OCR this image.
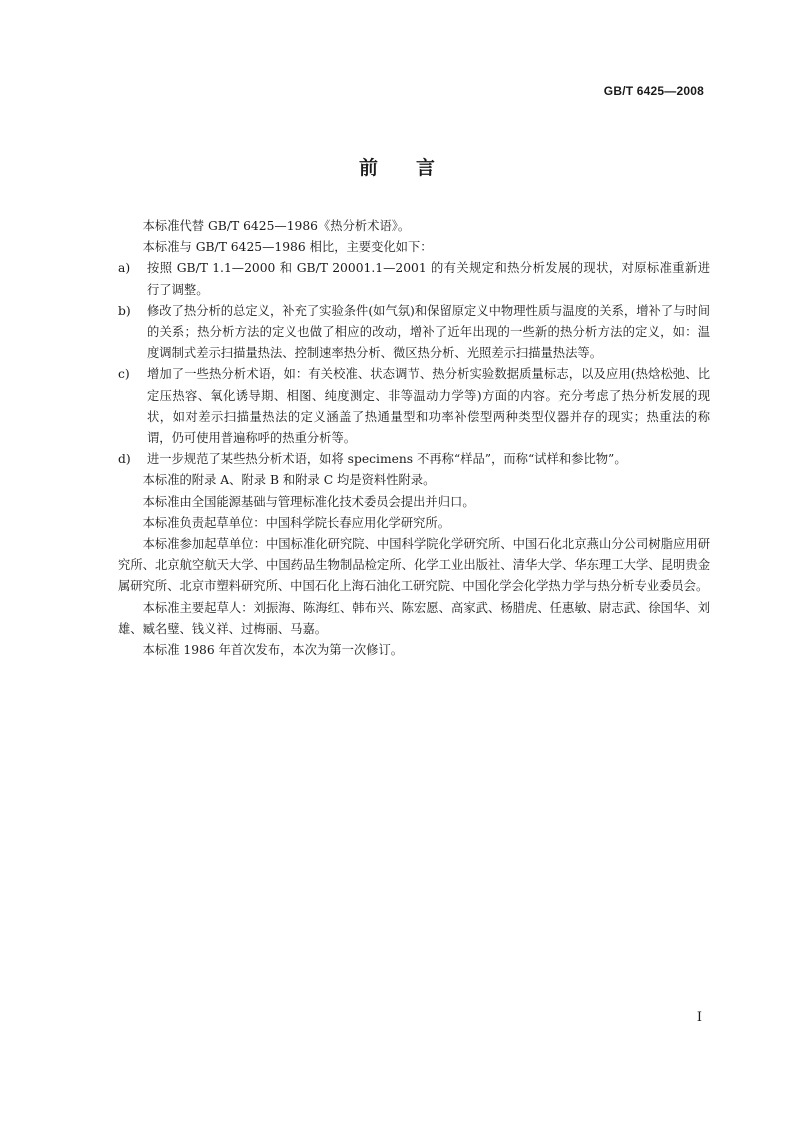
GB/T 6425—2008
前言

本标准代替 GB/T 6425—1986《热分析术语》。

本标准与 GB/T 6425—1986 相比，主要变化如下：

a) 按照 GB/T 1.1—2000 和 GB/T 20001.1—2001 的有关规定和热分析发展的现状，对原标准重新进行了调整。
b) 修改了热分析的总定义，补充了实验条件(如气氛)和保留原定义中物理性质与温度的关系，增补了与时间的关系；热分析方法的定义也做了相应的改动，增补了近年出现的一些新的热分析方法的定义，如：温度调制式差示扫描量热法、控制速率热分析、微区热分析、光照差示扫描量热法等。
c) 增加了一些热分析术语，如：有关校准、状态调节、热分析实验数据质量标志，以及应用(热焓松弛、比定压热容、氧化诱导期、相图、纯度测定、非等温动力学等)方面的内容。充分考虑了热分析发展的现状，如对差示扫描量热法的定义涵盖了热通量型和功率补偿型两种类型仪器并存的现实；热重法的称谓，仍可使用普遍称呼的热重分析等。
d) 进一步规范了某些热分析术语，如将 specimens 不再称“样品”，而称“试样和参比物”。

本标准的附录 A、附录 B 和附录 C 均是资料性附录。

本标准由全国能源基础与管理标准化技术委员会提出并归口。

本标准负责起草单位：中国科学院长春应用化学研究所。

本标准参加起草单位：中国标准化研究院、中国科学院化学研究所、中国石化北京燕山分公司树脂应用研究所、北京航空航天大学、中国药品生物制品检定所、化学工业出版社、清华大学、华东理工大学、昆明贵金属研究所、北京市塑料研究所、中国石化上海石油化工研究院、中国化学会化学热力学与热分析专业委员会。

本标准主要起草人：刘振海、陈海红、韩布兴、陈宏愿、高家武、杨腊虎、任惠敏、尉志武、徐国华、刘雄、臧名璧、钱义祥、过梅丽、马嘉。

本标准 1986 年首次发布，本次为第一次修订。

I
